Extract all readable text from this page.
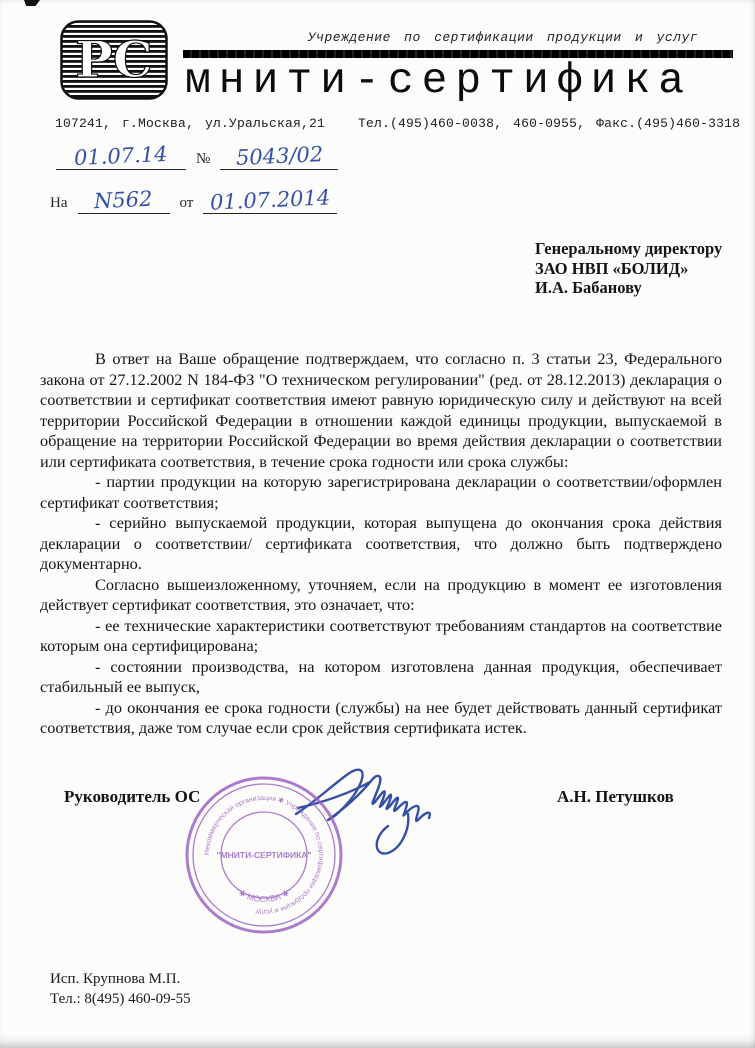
РС	Учреждение по сертификации продукции и услуг
мнити-сертифика
107241, г.Москва, ул.Уральская,21   Тел.(495)460-0038, 460-0955, Факс.(495)460-3318
01.07.14	№	5043/02
На	N562	от 01.07.2014
Генеральному директору
ЗАО НВП «БОЛИД»
И.А. Бабанову

В ответ на Ваше обращение подтверждаем, что согласно п. 3 статьи 23, Федерального закона от 27.12.2002 N 184-ФЗ "О техническом регулировании" (ред. от 28.12.2013) декларация о соответствии и сертификат соответствия имеют равную юридическую силу и действуют на всей территории Российской Федерации в отношении каждой единицы продукции, выпускаемой в обращение на территории Российской Федерации во время действия декларации о соответствии или сертификата соответствия, в течение срока годности или срока службы:

- партии продукции на которую зарегистрирована декларации о соответствии/оформлен сертификат соответствия;

- серийно выпускаемой продукции, которая выпущена до окончания срока действия декларации о соответствии/ сертификата соответствия, что должно быть подтверждено документарно.

Согласно вышеизложенному, уточняем, если на продукцию в момент ее изготовления действует сертификат соответствия, это означает, что:

- ее технические характеристики соответствуют требованиям стандартов на соответствие которым она сертифицирована;

- состоянии производства, на котором изготовлена данная продукция, обеспечивает стабильный ее выпуск,

- до окончания ее срока годности (службы) на нее будет действовать данный сертификат соответствия, даже том случае если срок действия сертификата истек.

Руководитель ОС	А.Н. Петушков
Некоммерческая организация ✱ Учреждение по сертификации продукции и услуг
✱ МОСКВА ✱
"МНИТИ-СЕРТИФИКА"
Исп. Крупнова М.П.
Тел.: 8(495) 460-09-55
